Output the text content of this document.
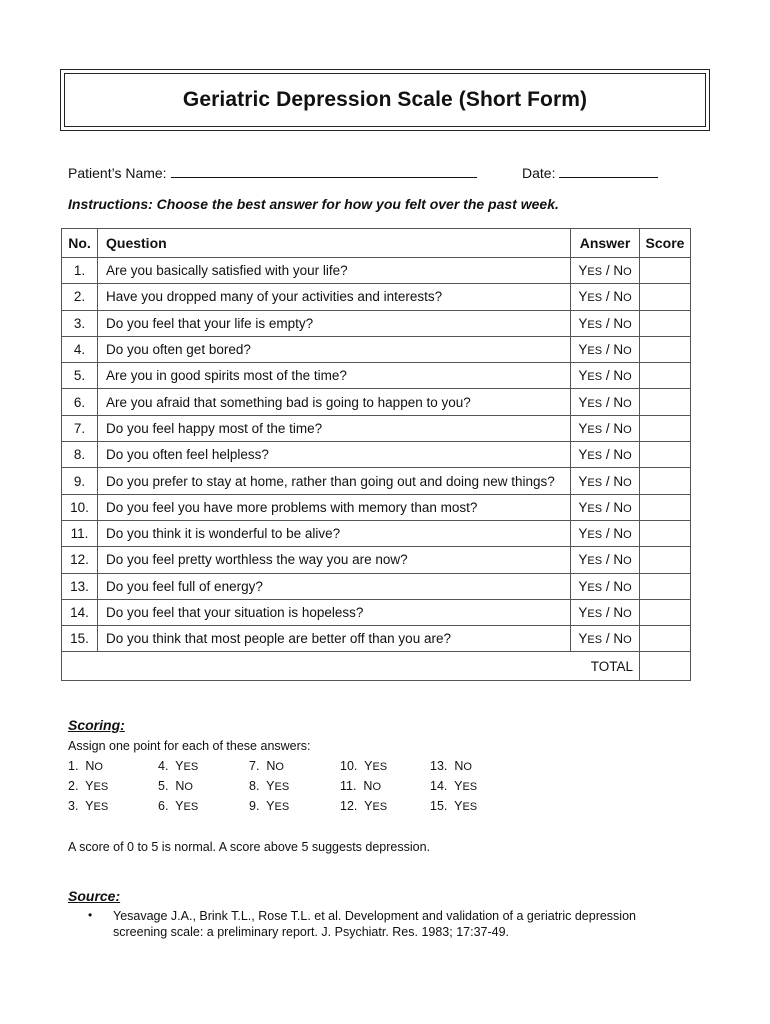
Geriatric Depression Scale (Short Form)
Patient’s Name:	Date:
Instructions: Choose the best answer for how you felt over the past week.
No.	Question	Answer	Score
1.	Are you basically satisfied with your life?	YES / NO	
2.	Have you dropped many of your activities and interests?	YES / NO	
3.	Do you feel that your life is empty?	YES / NO	
4.	Do you often get bored?	YES / NO	
5.	Are you in good spirits most of the time?	YES / NO	
6.	Are you afraid that something bad is going to happen to you?	YES / NO	
7.	Do you feel happy most of the time?	YES / NO	
8.	Do you often feel helpless?	YES / NO	
9.	Do you prefer to stay at home, rather than going out and doing new things?	YES / NO	
10.	Do you feel you have more problems with memory than most?	YES / NO	
11.	Do you think it is wonderful to be alive?	YES / NO	
12.	Do you feel pretty worthless the way you are now?	YES / NO	
13.	Do you feel full of energy?	YES / NO	
14.	Do you feel that your situation is hopeless?	YES / NO	
15.	Do you think that most people are better off than you are?	YES / NO	
		TOTAL	
Scoring:
Assign one point for each of these answers:
1. NO
2. YES
3. YES
4. YES
5. NO
6. YES
7. NO
8. YES
9. YES
10. YES
11. NO
12. YES
13. NO
14. YES
15. YES
A score of 0 to 5 is normal. A score above 5 suggests depression.
Source:
• Yesavage J.A., Brink T.L., Rose T.L. et al. Development and validation of a geriatric depression screening scale: a preliminary report. J. Psychiatr. Res. 1983; 17:37-49.
